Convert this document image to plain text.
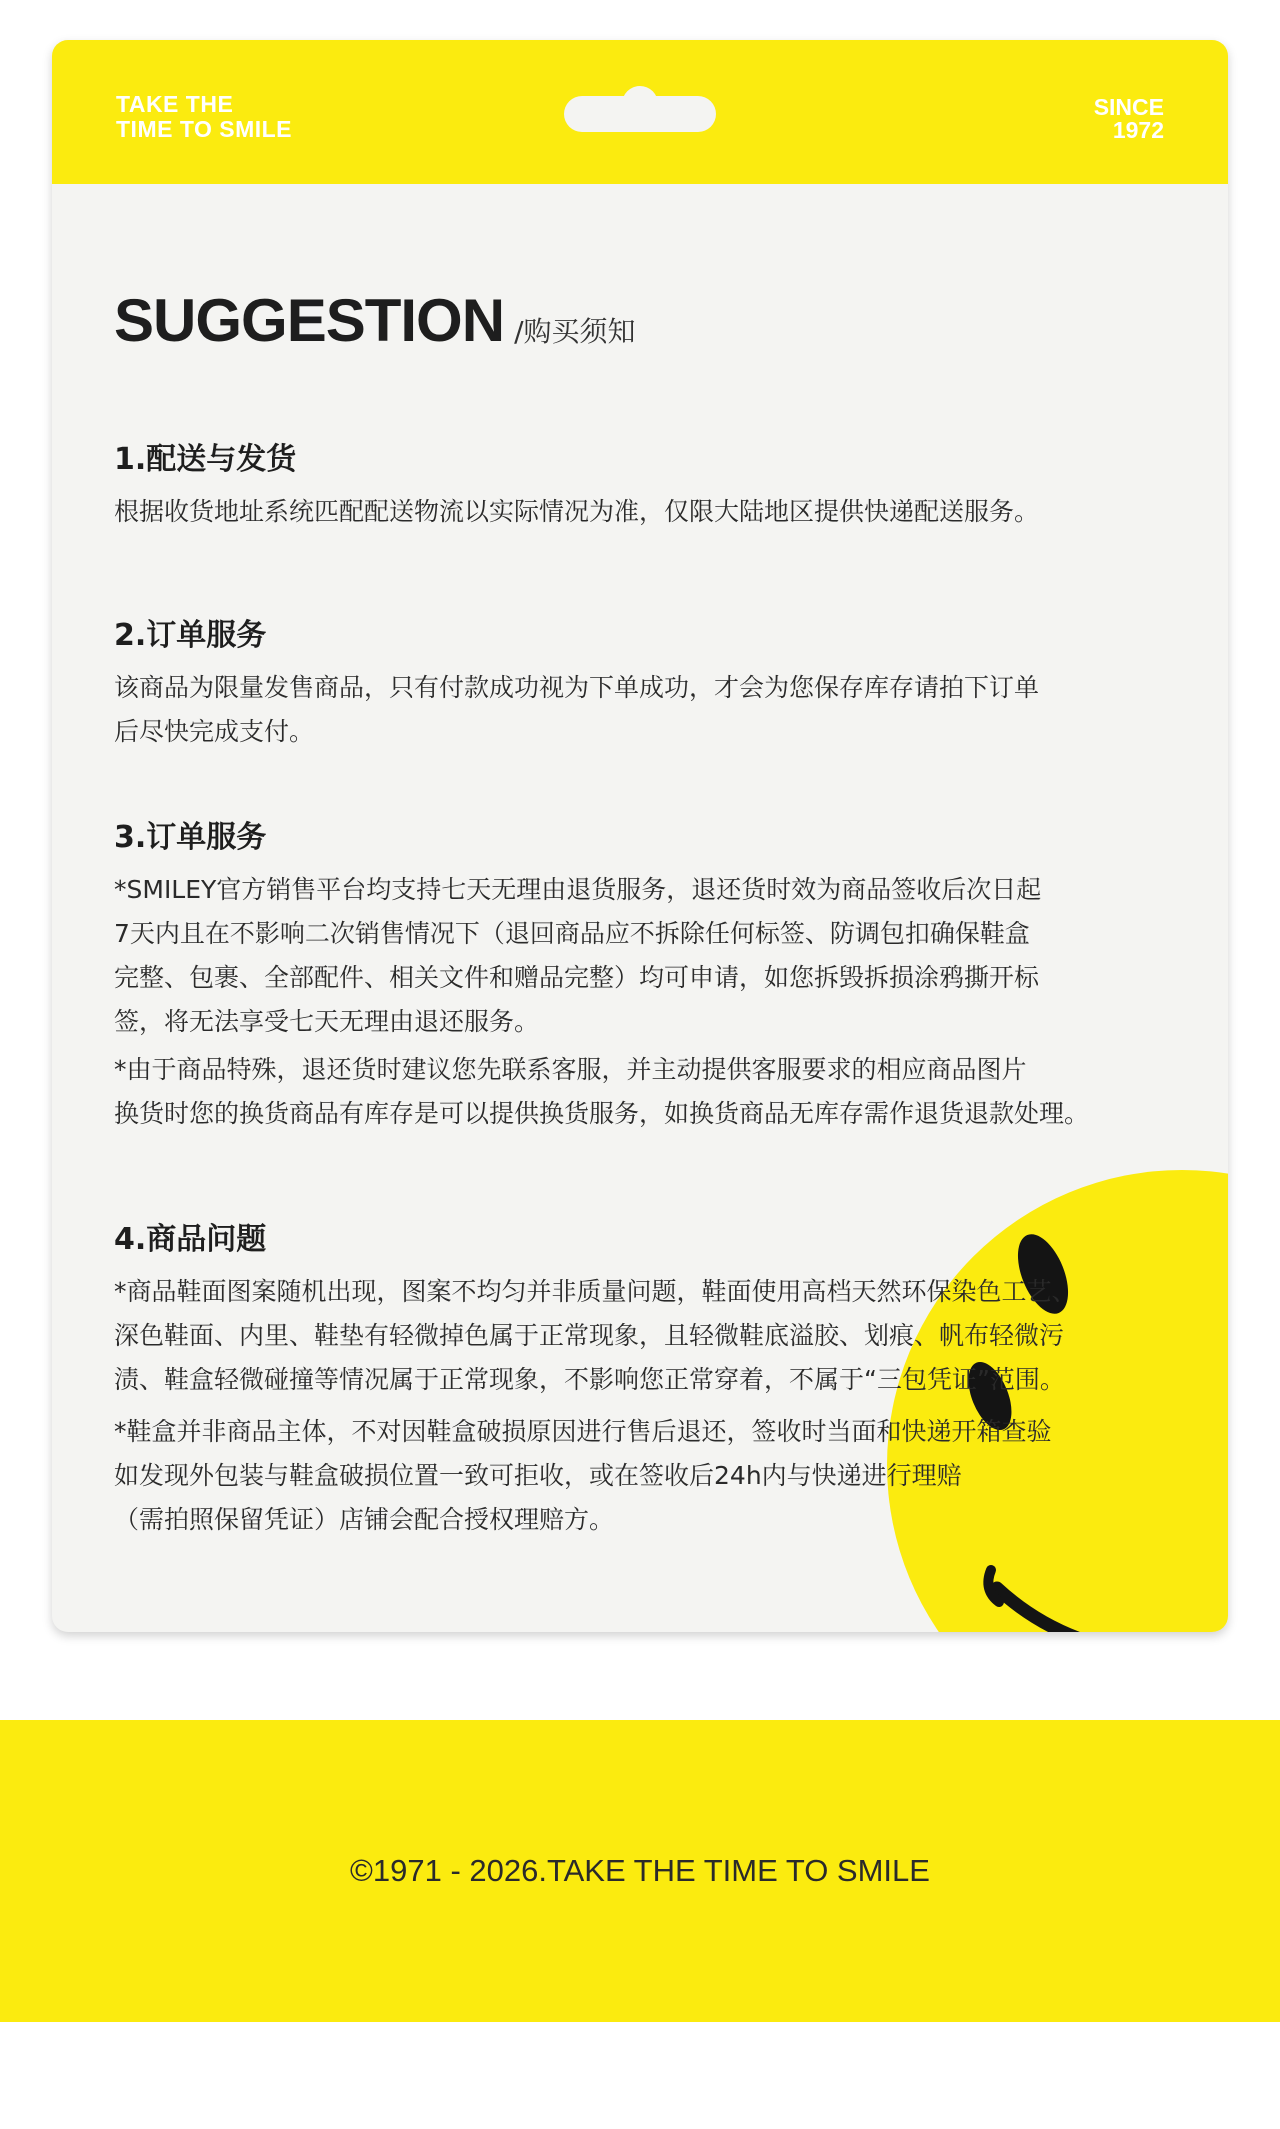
TAKE THE
TIME TO SMILE
SINCE
1972
SUGGESTION /购买须知
1.配送与发货

根据收货地址系统匹配配送物流以实际情况为准，仅限大陆地区提供快递配送服务。

2.订单服务

该商品为限量发售商品，只有付款成功视为下单成功，才会为您保存库存请拍下订单
后尽快完成支付。

3.订单服务

*SMILEY官方销售平台均支持七天无理由退货服务，退还货时效为商品签收后次日起
7天内且在不影响二次销售情况下（退回商品应不拆除任何标签、防调包扣确保鞋盒
完整、包裹、全部配件、相关文件和赠品完整）均可申请，如您拆毁拆损涂鸦撕开标
签，将无法享受七天无理由退还服务。

*由于商品特殊，退还货时建议您先联系客服，并主动提供客服要求的相应商品图片
换货时您的换货商品有库存是可以提供换货服务，如换货商品无库存需作退货退款处理。

4.商品问题

*商品鞋面图案随机出现，图案不均匀并非质量问题，鞋面使用高档天然环保染色工艺、
深色鞋面、内里、鞋垫有轻微掉色属于正常现象，且轻微鞋底溢胶、划痕、帆布轻微污
渍、鞋盒轻微碰撞等情况属于正常现象，不影响您正常穿着，不属于“三包凭证”范围。

*鞋盒并非商品主体，不对因鞋盒破损原因进行售后退还，签收时当面和快递开箱查验
如发现外包装与鞋盒破损位置一致可拒收，或在签收后24h内与快递进行理赔
（需拍照保留凭证）店铺会配合授权理赔方。

©1971 - 2026.TAKE THE TIME TO SMILE
